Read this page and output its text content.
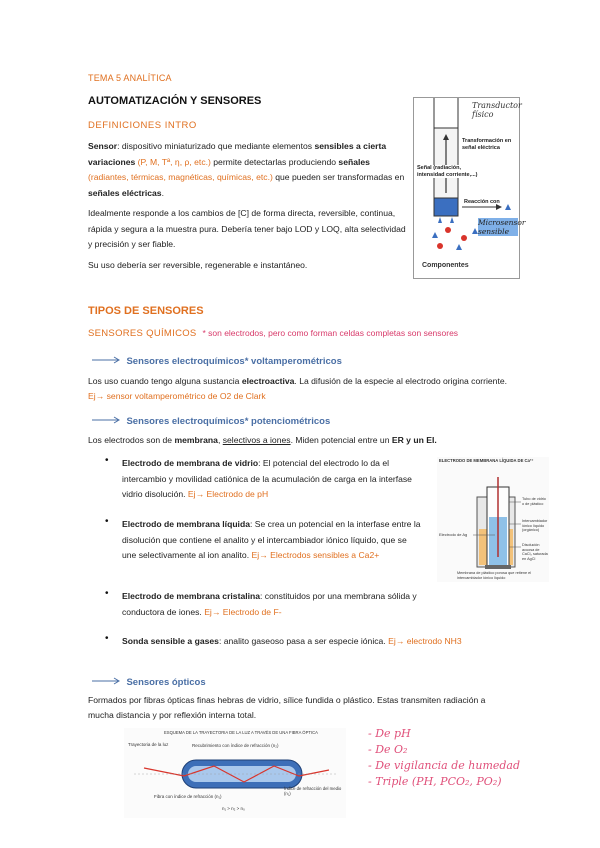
TEMA 5 ANALÍTICA
AUTOMATIZACIÓN Y SENSORES
DEFINICIONES INTRO
Sensor: dispositivo miniaturizado que mediante elementos sensibles a cierta variaciones (P, M, Tª, η, ρ, etc.) permite detectarlas produciendo señales (radiantes, térmicas, magnéticas, químicas, etc.) que pueden ser transformadas en señales eléctricas.
Idealmente responde a los cambios de [C] de forma directa, reversible, continua, rápida y segura a la muestra pura. Debería tener bajo LOD y LOQ, alta selectividad y precisión y ser fiable.
Su uso debería ser reversible, regenerable e instantáneo.
Transductor físico
Transformación en señal eléctrica
Señal (radiación, intensidad corriente,...)
Reacción con
Microsensor sensible
Componentes
TIPOS DE SENSORES
SENSORES QUÍMICOS * son electrodos, pero como forman celdas completas son sensores
Sensores electroquímicos* voltamperométricos
Los uso cuando tengo alguna sustancia electroactiva. La difusión de la especie al electrodo origina corriente. Ej→ sensor voltamperométrico de O2 de Clark
Sensores electroquímicos* potenciométricos
Los electrodos son de membrana, selectivos a iones. Miden potencial entre un ER y un EI.
• Electrodo de membrana de vidrio: El potencial del electrodo lo da el intercambio y movilidad catiónica de la acumulación de carga en la interfase vidrio disolución. Ej→ Electrodo de pH
• Electrodo de membrana líquida: Se crea un potencial en la interfase entre la disolución que contiene el analito y el intercambiador iónico líquido, que se une selectivamente al ion analito. Ej→ Electrodos sensibles a Ca2+
• Electrodo de membrana cristalina: constituidos por una membrana sólida y conductora de iones. Ej→ Electrodo de F-
• Sonda sensible a gases: analito gaseoso pasa a ser especie iónica. Ej→ electrodo NH3
ELECTRODO DE MEMBRANA LÍQUIDA DE Ca²⁺
Electrodo de Ag
Tubo de vidrio o de plástico
Intercambiador iónico líquido (orgánico)
Disolución acuosa de CaCl₂ saturada en AgCl
Membrana de plástico porosa que retiene el intercambiador iónico líquido
Sensores ópticos
Formados por fibras ópticas finas hebras de vidrio, sílice fundida o plástico. Estas transmiten radiación a mucha distancia y por reflexión interna total.
ESQUEMA DE LA TRAYECTORIA DE LA LUZ A TRAVÉS DE UNA FIBRA ÓPTICA
Trayectoria de la luz	Recubrimiento con índice de refracción (n₂)
Índice de refracción del medio (n₁)
Fibra con índice de refracción (n₁)
n₁ > n₂ > n₀
- De pH
- De O₂
- De vigilancia de humedad
- Triple (PH, PCO₂, PO₂)
